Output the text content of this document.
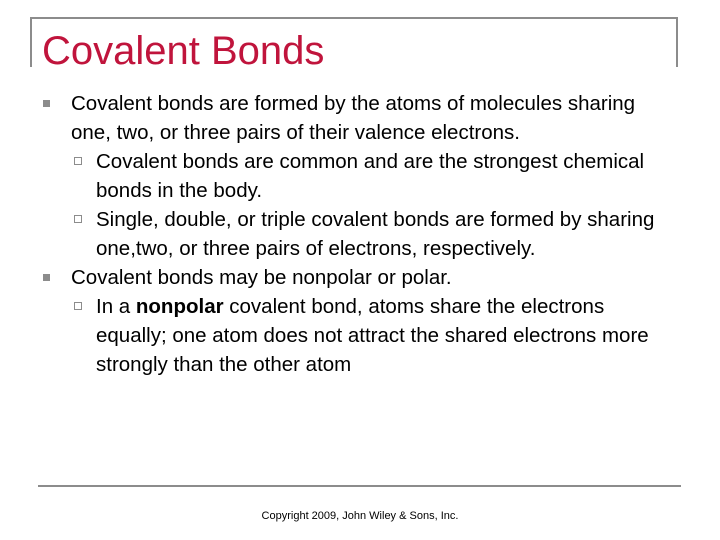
Covalent Bonds
Covalent bonds are formed by the atoms of molecules sharing one, two, or three pairs of their valence electrons.
Covalent bonds are common and are the strongest chemical bonds in the body.
Single, double, or triple covalent bonds are formed by sharing one,two, or three pairs of electrons, respectively.
Covalent bonds may be nonpolar or polar.
In a nonpolar covalent bond, atoms share the electrons equally; one atom does not attract the shared electrons more strongly than the other atom
Copyright 2009, John Wiley & Sons, Inc.
